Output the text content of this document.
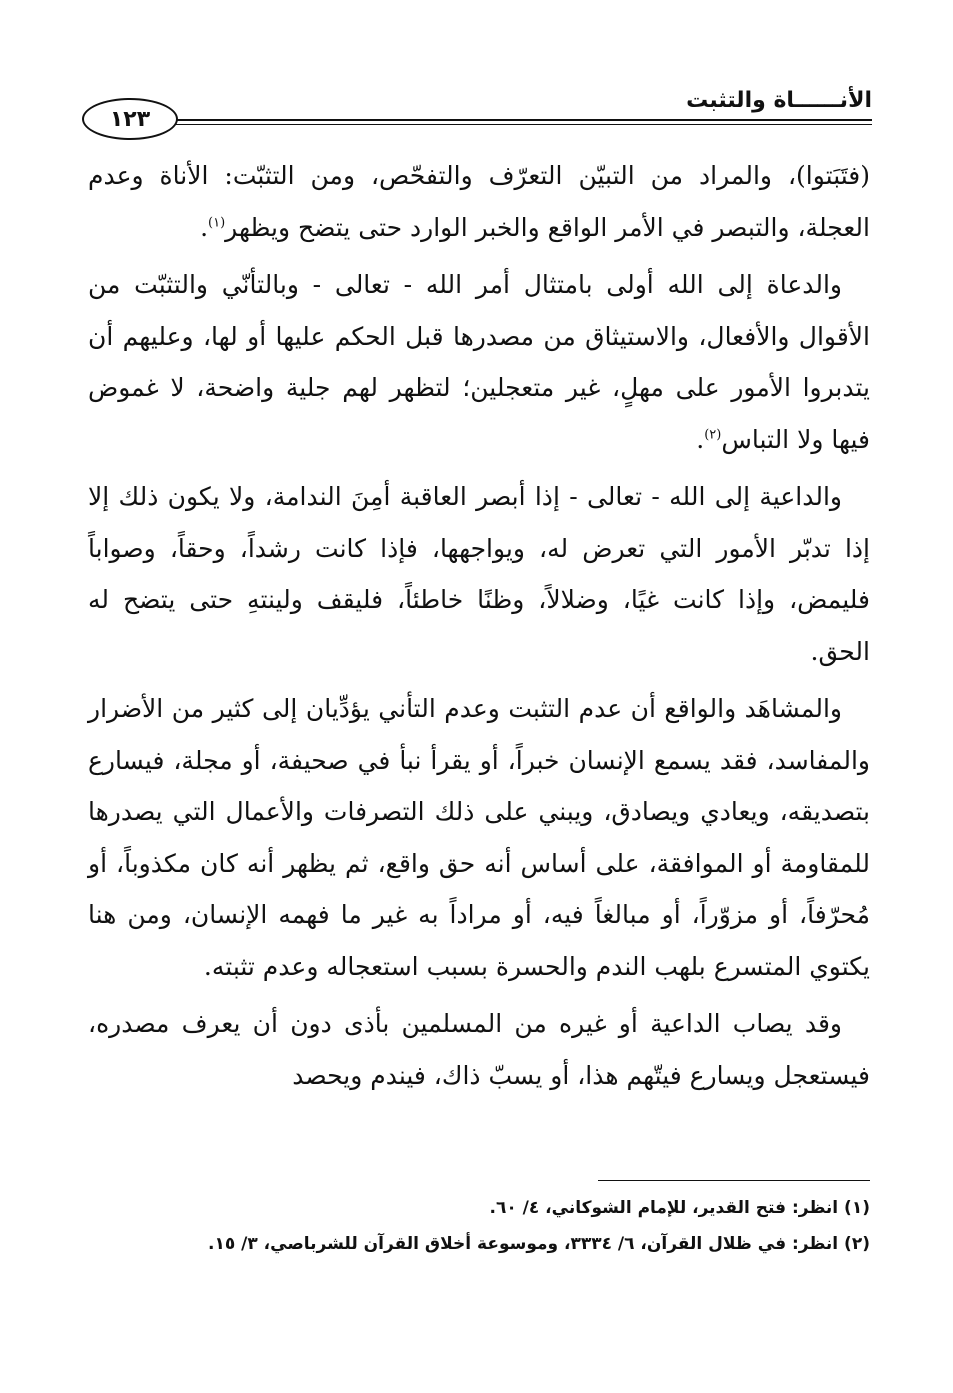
الأنــــــاة والتثبت
١٢٣

(فتَبَتوا)، والمراد من التبيّن التعرّف والتفحّص، ومن التثبّت: الأناة وعدم العجلة، والتبصر في الأمر الواقع والخبر الوارد حتى يتضح ويظهر$^{(١)}$.

والدعاة إلى الله أولى بامتثال أمر الله - تعالى - وبالتأنّي والتثبّت من الأقوال والأفعال، والاستيثاق من مصدرها قبل الحكم عليها أو لها، وعليهم أن يتدبروا الأمور على مهلٍ، غير متعجلين؛ لتظهر لهم جلية واضحة، لا غموض فيها ولا التباس$^{(٢)}$.

والداعية إلى الله - تعالى - إذا أبصر العاقبة أمِنَ الندامة، ولا يكون ذلك إلا إذا تدبّر الأمور التي تعرض له، ويواجهها، فإذا كانت رشداً، وحقاً، وصواباً فليمض، وإذا كانت غيًا، وضلالاً، وظنًا خاطئاً، فليقف ولينتهِ حتى يتضح له الحق.

والمشاهَد والواقع أن عدم التثبت وعدم التأني يؤدِّيان إلى كثير من الأضرار والمفاسد، فقد يسمع الإنسان خبراً، أو يقرأ نبأ في صحيفة، أو مجلة، فيسارع بتصديقه، ويعادي ويصادق، ويبني على ذلك التصرفات والأعمال التي يصدرها للمقاومة أو الموافقة، على أساس أنه حق واقع، ثم يظهر أنه كان مكذوباً، أو مُحرّفاً، أو مزوّراً، أو مبالغاً فيه، أو مراداً به غير ما فهمه الإنسان، ومن هنا يكتوي المتسرع بلهب الندم والحسرة بسبب استعجاله وعدم تثبته.

وقد يصاب الداعية أو غيره من المسلمين بأذى دون أن يعرف مصدره، فيستعجل ويسارع فيتّهم هذا، أو يسبّ ذاك، فيندم ويحصد

(١) انظر: فتح القدير، للإمام الشوكاني، ٤/ ٦٠.
(٢) انظر: في ظلال القرآن، ٦/ ٣٣٣٤، وموسوعة أخلاق القرآن للشرباصي، ٣/ ١٥.
